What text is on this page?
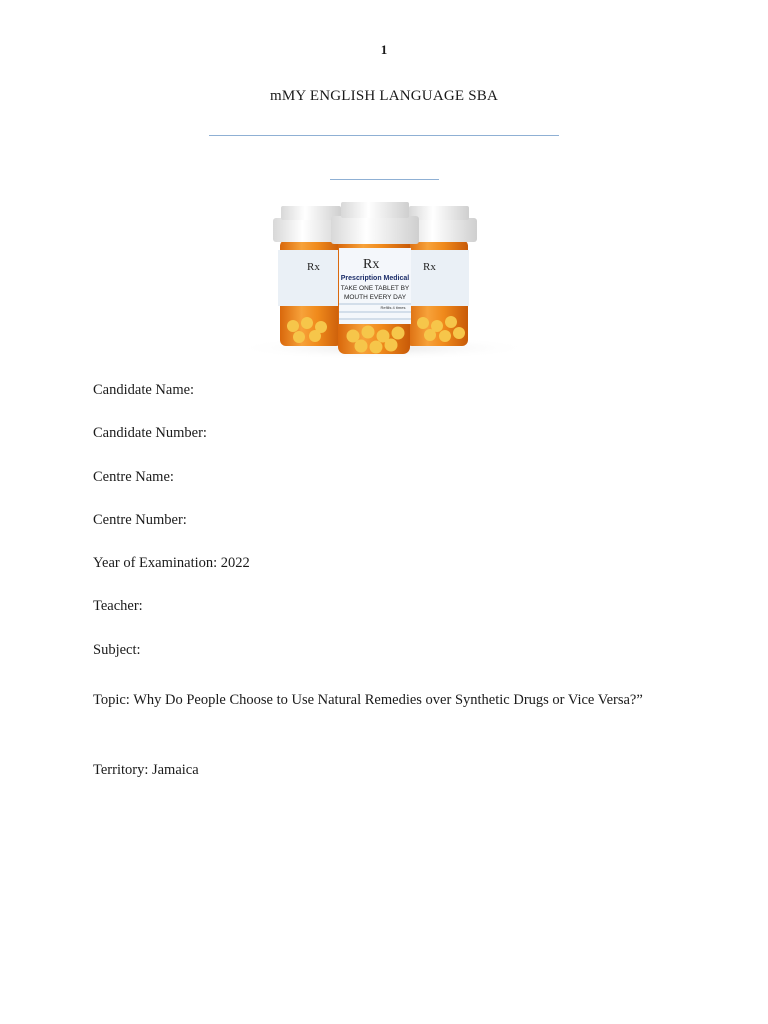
1
mMY ENGLISH LANGUAGE SBA
Rx
Rx	Rx
Prescription Medical
TAKE ONE TABLET BY
MOUTH EVERY DAY
Refills 4 times
Candidate Name:
Candidate Number:
Centre Name:
Centre Number:
Year of Examination: 2022
Teacher:
Subject:
Topic: Why Do People Choose to Use Natural Remedies over Synthetic Drugs or Vice Versa?”
Territory: Jamaica
